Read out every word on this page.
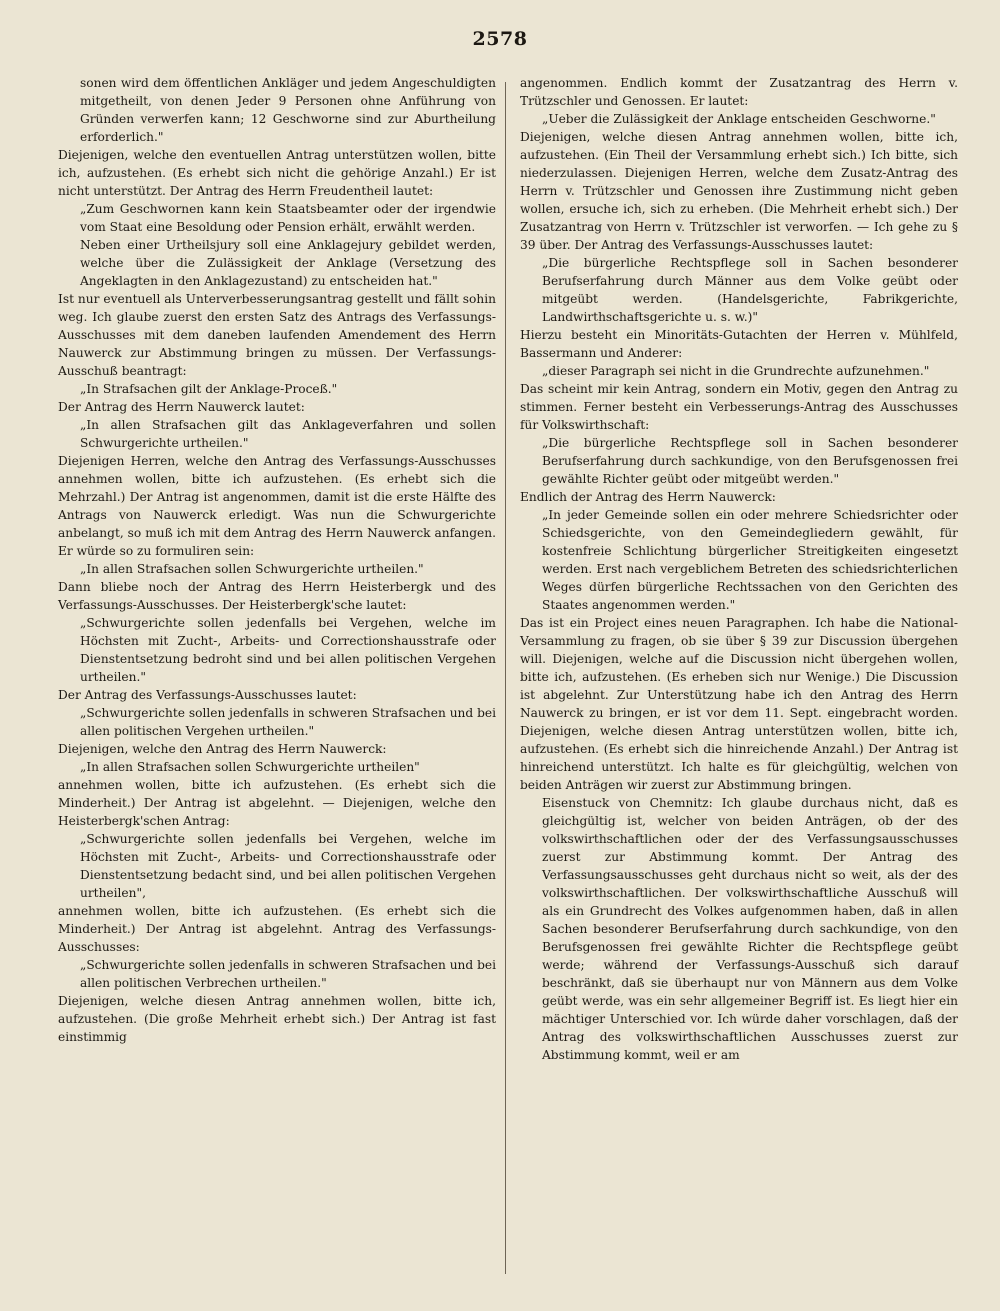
2578

sonen wird dem öffentlichen Ankläger und jedem Angeschuldigten mitgetheilt, von denen Jeder 9 Personen ohne Anführung von Gründen verwerfen kann; 12 Geschworne sind zur Aburtheilung erforderlich."

Diejenigen, welche den eventuellen Antrag unterstützen wollen, bitte ich, aufzustehen. (Es erhebt sich nicht die gehörige Anzahl.) Er ist nicht unterstützt. Der Antrag des Herrn Freudentheil lautet:

„Zum Geschwornen kann kein Staatsbeamter oder der irgendwie vom Staat eine Besoldung oder Pension erhält, erwählt werden.

Neben einer Urtheilsjury soll eine Anklagejury gebildet werden, welche über die Zulässigkeit der Anklage (Versetzung des Angeklagten in den Anklagezustand) zu entscheiden hat."

Ist nur eventuell als Unterverbesserungsantrag gestellt und fällt sohin weg. Ich glaube zuerst den ersten Satz des Antrags des Verfassungs-Ausschusses mit dem daneben laufenden Amendement des Herrn Nauwerck zur Abstimmung bringen zu müssen. Der Verfassungs-Ausschuß beantragt:

„In Strafsachen gilt der Anklage-Proceß."

Der Antrag des Herrn Nauwerck lautet:

„In allen Strafsachen gilt das Anklageverfahren und sollen Schwurgerichte urtheilen."

Diejenigen Herren, welche den Antrag des Verfassungs-Ausschusses annehmen wollen, bitte ich aufzustehen. (Es erhebt sich die Mehrzahl.) Der Antrag ist angenommen, damit ist die erste Hälfte des Antrags von Nauwerck erledigt. Was nun die Schwurgerichte anbelangt, so muß ich mit dem Antrag des Herrn Nauwerck anfangen. Er würde so zu formuliren sein:

„In allen Strafsachen sollen Schwurgerichte urtheilen."

Dann bliebe noch der Antrag des Herrn Heisterbergk und des Verfassungs-Ausschusses. Der Heisterbergk'sche lautet:

„Schwurgerichte sollen jedenfalls bei Vergehen, welche im Höchsten mit Zucht-, Arbeits- und Correctionshausstrafe oder Dienstentsetzung bedroht sind und bei allen politischen Vergehen urtheilen."

Der Antrag des Verfassungs-Ausschusses lautet:

„Schwurgerichte sollen jedenfalls in schweren Strafsachen und bei allen politischen Vergehen urtheilen."

Diejenigen, welche den Antrag des Herrn Nauwerck:

„In allen Strafsachen sollen Schwurgerichte urtheilen"

annehmen wollen, bitte ich aufzustehen. (Es erhebt sich die Minderheit.) Der Antrag ist abgelehnt. — Diejenigen, welche den Heisterbergk'schen Antrag:

„Schwurgerichte sollen jedenfalls bei Vergehen, welche im Höchsten mit Zucht-, Arbeits- und Correctionshausstrafe oder Dienstentsetzung bedacht sind, und bei allen politischen Vergehen urtheilen",

annehmen wollen, bitte ich aufzustehen. (Es erhebt sich die Minderheit.) Der Antrag ist abgelehnt. Antrag des Verfassungs-Ausschusses:

„Schwurgerichte sollen jedenfalls in schweren Strafsachen und bei allen politischen Verbrechen urtheilen."

Diejenigen, welche diesen Antrag annehmen wollen, bitte ich, aufzustehen. (Die große Mehrheit erhebt sich.) Der Antrag ist fast einstimmig

angenommen. Endlich kommt der Zusatzantrag des Herrn v. Trützschler und Genossen. Er lautet:

„Ueber die Zulässigkeit der Anklage entscheiden Geschworne."

Diejenigen, welche diesen Antrag annehmen wollen, bitte ich, aufzustehen. (Ein Theil der Versammlung erhebt sich.) Ich bitte, sich niederzulassen. Diejenigen Herren, welche dem Zusatz-Antrag des Herrn v. Trützschler und Genossen ihre Zustimmung nicht geben wollen, ersuche ich, sich zu erheben. (Die Mehrheit erhebt sich.) Der Zusatzantrag von Herrn v. Trützschler ist verworfen. — Ich gehe zu § 39 über. Der Antrag des Verfassungs-Ausschusses lautet:

„Die bürgerliche Rechtspflege soll in Sachen besonderer Berufserfahrung durch Männer aus dem Volke geübt oder mitgeübt werden. (Handelsgerichte, Fabrikgerichte, Landwirthschaftsgerichte u. s. w.)"

Hierzu besteht ein Minoritäts-Gutachten der Herren v. Mühlfeld, Bassermann und Anderer:

„dieser Paragraph sei nicht in die Grundrechte aufzunehmen."

Das scheint mir kein Antrag, sondern ein Motiv, gegen den Antrag zu stimmen. Ferner besteht ein Verbesserungs-Antrag des Ausschusses für Volkswirthschaft:

„Die bürgerliche Rechtspflege soll in Sachen besonderer Berufserfahrung durch sachkundige, von den Berufsgenossen frei gewählte Richter geübt oder mitgeübt werden."

Endlich der Antrag des Herrn Nauwerck:

„In jeder Gemeinde sollen ein oder mehrere Schiedsrichter oder Schiedsgerichte, von den Gemeindegliedern gewählt, für kostenfreie Schlichtung bürgerlicher Streitigkeiten eingesetzt werden. Erst nach vergeblichem Betreten des schiedsrichterlichen Weges dürfen bürgerliche Rechtssachen von den Gerichten des Staates angenommen werden."

Das ist ein Project eines neuen Paragraphen. Ich habe die National-Versammlung zu fragen, ob sie über § 39 zur Discussion übergehen will. Diejenigen, welche auf die Discussion nicht übergehen wollen, bitte ich, aufzustehen. (Es erheben sich nur Wenige.) Die Discussion ist abgelehnt. Zur Unterstützung habe ich den Antrag des Herrn Nauwerck zu bringen, er ist vor dem 11. Sept. eingebracht worden. Diejenigen, welche diesen Antrag unterstützen wollen, bitte ich, aufzustehen. (Es erhebt sich die hinreichende Anzahl.) Der Antrag ist hinreichend unterstützt. Ich halte es für gleichgültig, welchen von beiden Anträgen wir zuerst zur Abstimmung bringen.

Eisenstuck von Chemnitz: Ich glaube durchaus nicht, daß es gleichgültig ist, welcher von beiden Anträgen, ob der des volkswirthschaftlichen oder der des Verfassungsausschusses zuerst zur Abstimmung kommt. Der Antrag des Verfassungsausschusses geht durchaus nicht so weit, als der des volkswirthschaftlichen. Der volkswirthschaftliche Ausschuß will als ein Grundrecht des Volkes aufgenommen haben, daß in allen Sachen besonderer Berufserfahrung durch sachkundige, von den Berufsgenossen frei gewählte Richter die Rechtspflege geübt werde; während der Verfassungs-Ausschuß sich darauf beschränkt, daß sie überhaupt nur von Männern aus dem Volke geübt werde, was ein sehr allgemeiner Begriff ist. Es liegt hier ein mächtiger Unterschied vor. Ich würde daher vorschlagen, daß der Antrag des volkswirthschaftlichen Ausschusses zuerst zur Abstimmung kommt, weil er am
